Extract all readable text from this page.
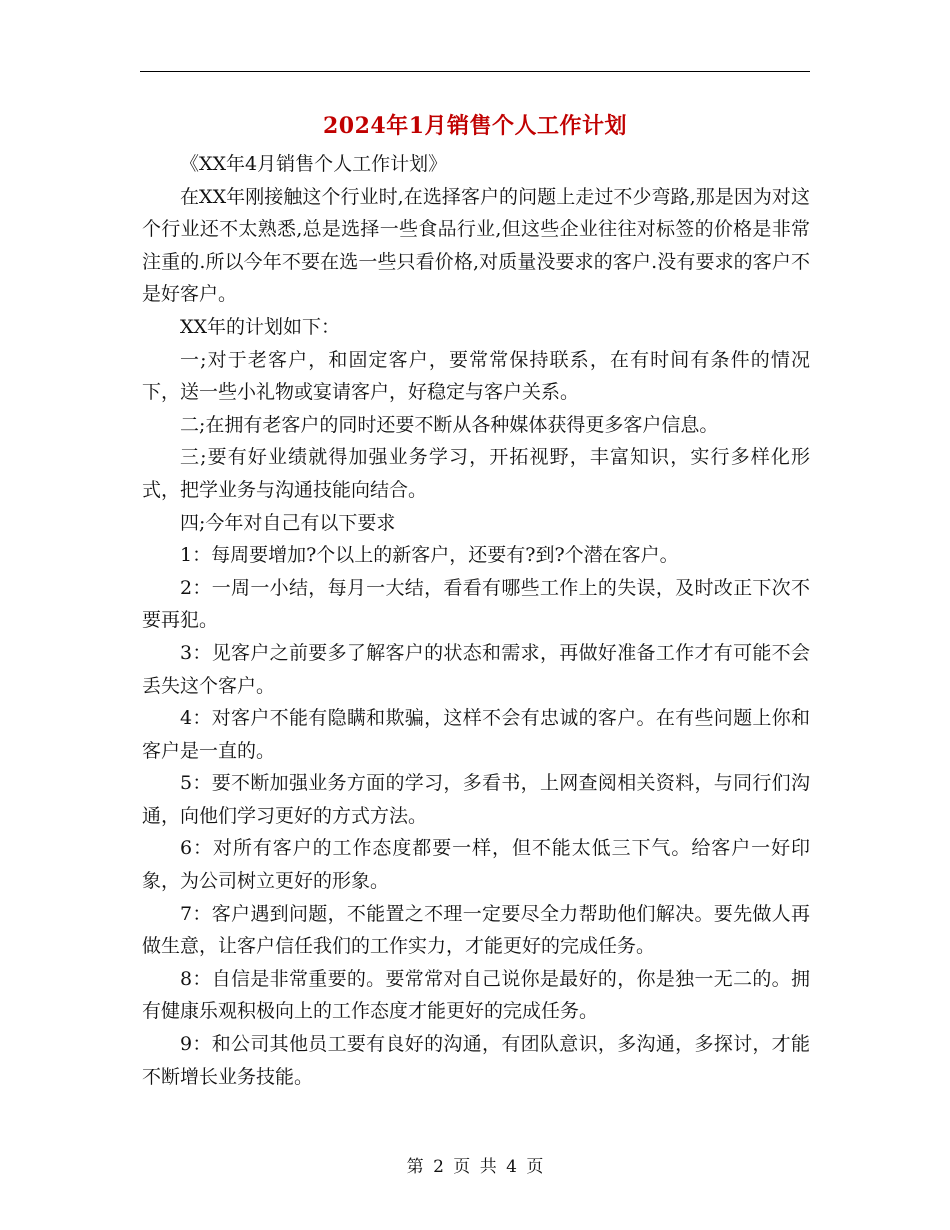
2024年1月销售个人工作计划

《XX年4月销售个人工作计划》

在XX年刚接触这个行业时,在选择客户的问题上走过不少弯路,那是因为对这个行业还不太熟悉,总是选择一些食品行业,但这些企业往往对标签的价格是非常注重的.所以今年不要在选一些只看价格,对质量没要求的客户.没有要求的客户不是好客户。

XX年的计划如下：

一;对于老客户，和固定客户，要常常保持联系，在有时间有条件的情况下，送一些小礼物或宴请客户，好稳定与客户关系。

二;在拥有老客户的同时还要不断从各种媒体获得更多客户信息。

三;要有好业绩就得加强业务学习，开拓视野，丰富知识，实行多样化形式，把学业务与沟通技能向结合。

四;今年对自己有以下要求

1：每周要增加?个以上的新客户，还要有?到?个潜在客户。

2：一周一小结，每月一大结，看看有哪些工作上的失误，及时改正下次不要再犯。

3：见客户之前要多了解客户的状态和需求，再做好准备工作才有可能不会丢失这个客户。

4：对客户不能有隐瞒和欺骗，这样不会有忠诚的客户。在有些问题上你和客户是一直的。

5：要不断加强业务方面的学习，多看书，上网查阅相关资料，与同行们沟通，向他们学习更好的方式方法。

6：对所有客户的工作态度都要一样，但不能太低三下气。给客户一好印象，为公司树立更好的形象。

7：客户遇到问题，不能置之不理一定要尽全力帮助他们解决。要先做人再做生意，让客户信任我们的工作实力，才能更好的完成任务。

8：自信是非常重要的。要常常对自己说你是最好的，你是独一无二的。拥有健康乐观积极向上的工作态度才能更好的完成任务。

9：和公司其他员工要有良好的沟通，有团队意识，多沟通，多探讨，才能不断增长业务技能。

第 2 页 共 4 页
